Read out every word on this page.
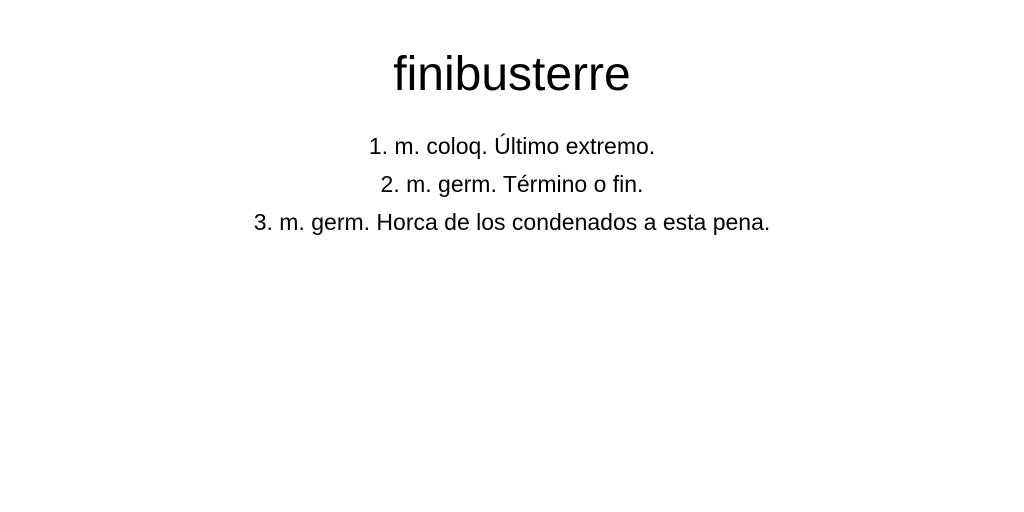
finibusterre
1. m. coloq. Último extremo.
2. m. germ. Término o fin.
3. m. germ. Horca de los condenados a esta pena.
